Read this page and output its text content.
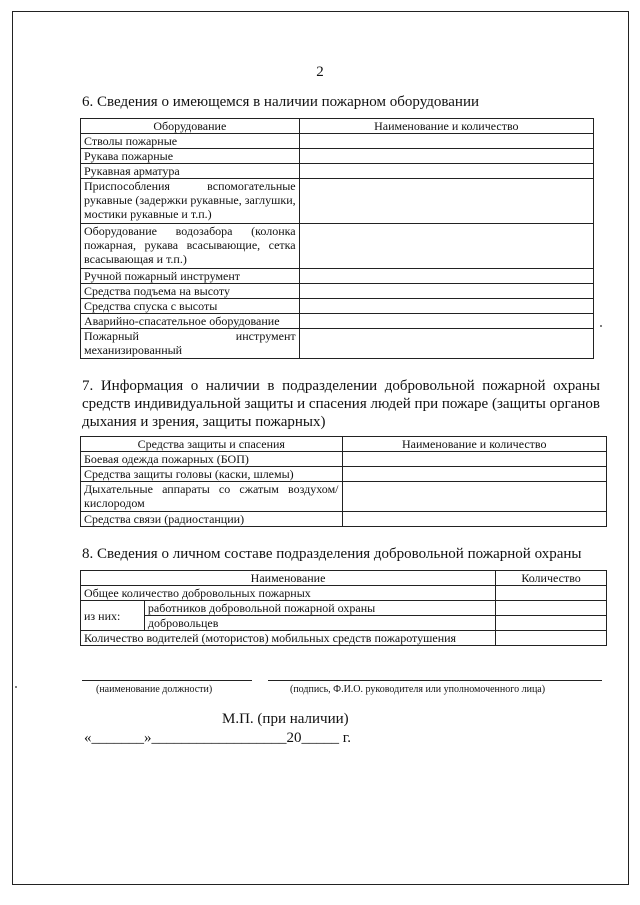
2
6. Сведения о имеющемся в наличии пожарном оборудовании
Оборудование	Наименование и количество
Стволы пожарные	
Рукава пожарные	
Рукавная арматура	
Приспособления вспомогательные рукавные (задержки рукавные, заглушки, мостики рукавные и т.п.)	
Оборудование водозабора (колонка пожарная, рукава всасывающие, сетка всасывающая и т.п.)	
Ручной пожарный инструмент	
Средства подъема на высоту	
Средства спуска с высоты	
Аварийно-спасательное оборудование	
Пожарный инструмент механизированный	
7. Информация о наличии в подразделении добровольной пожарной охраны средств индивидуальной защиты и спасения людей при пожаре (защиты органов дыхания и зрения, защиты пожарных)
Средства защиты и спасения	Наименование и количество
Боевая одежда пожарных (БОП)	
Средства защиты головы (каски, шлемы)	
Дыхательные аппараты со сжатым воздухом/кислородом	
Средства связи (радиостанции)	
8. Сведения о личном составе подразделения добровольной пожарной охраны
Наименование		Количество
Общее количество добровольных пожарных		
из них:	работников добровольной пожарной охраны	
	добровольцев	
Количество водителей (мотористов) мобильных средств пожаротушения		
(наименование должности)	(подпись, Ф.И.О. руководителя или уполномоченного лица)
М.П. (при наличии)
«_______»__________________20_____ г.
